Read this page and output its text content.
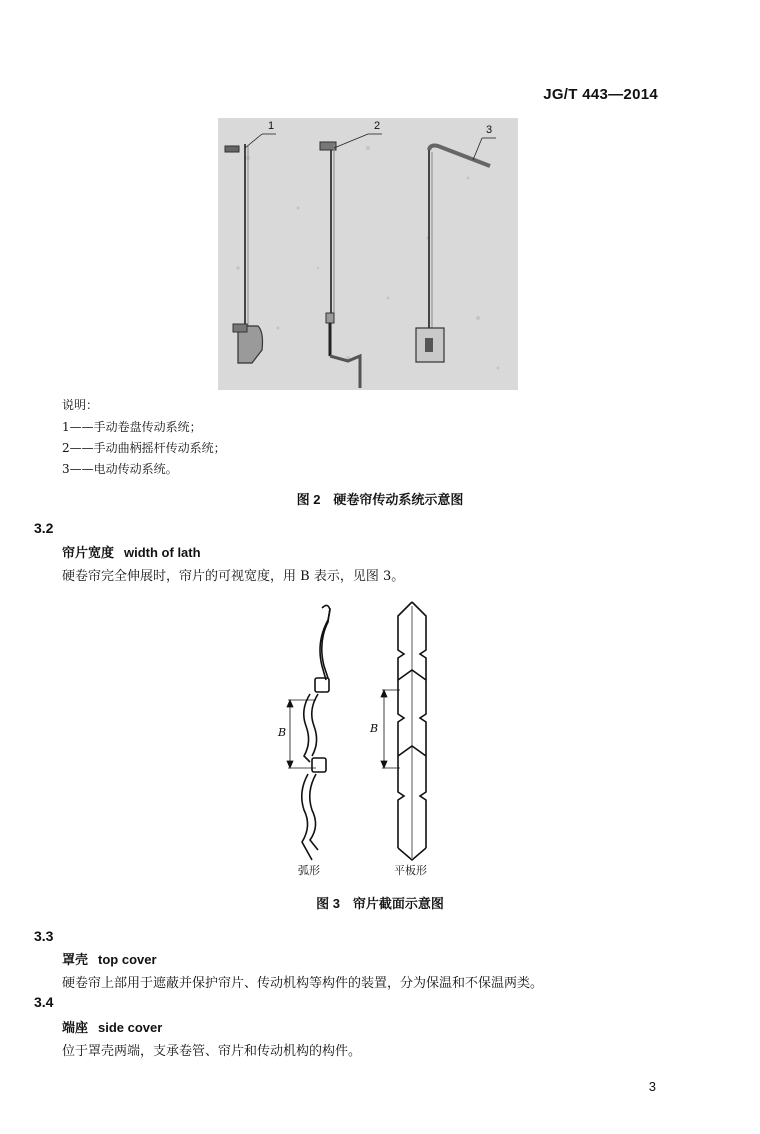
JG/T 443—2014
1	2	3
说明：
1——手动卷盘传动系统；
2——手动曲柄摇杆传动系统；
3——电动传动系统。
图 2　硬卷帘传动系统示意图
3.2
帘片宽度 width of lath
硬卷帘完全伸展时，帘片的可视宽度，用 B 表示，见图 3。
B	B
弧形	平板形
图 3　帘片截面示意图
3.3
罩壳 top cover
硬卷帘上部用于遮蔽并保护帘片、传动机构等构件的装置，分为保温和不保温两类。
3.4
端座 side cover
位于罩壳两端，支承卷管、帘片和传动机构的构件。
3
